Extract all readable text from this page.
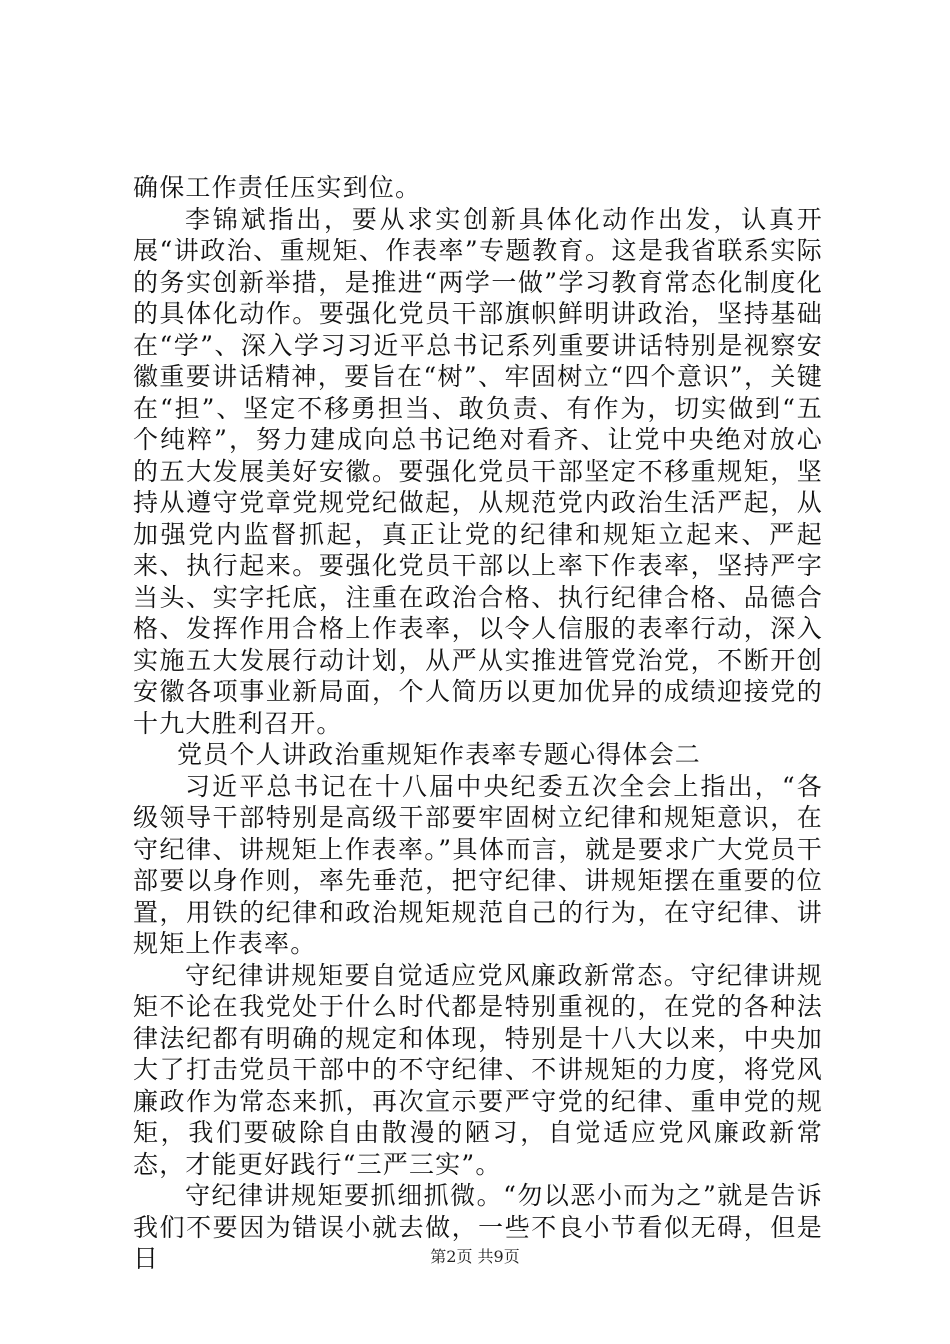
确保工作责任压实到位。

李锦斌指出，要从求实创新具体化动作出发，认真开展“讲政治、重规矩、作表率”专题教育。这是我省联系实际的务实创新举措，是推进“两学一做”学习教育常态化制度化的具体化动作。要强化党员干部旗帜鲜明讲政治，坚持基础在“学”、深入学习习近平总书记系列重要讲话特别是视察安徽重要讲话精神，要旨在“树”、牢固树立“四个意识”，关键在“担”、坚定不移勇担当、敢负责、有作为，切实做到“五个纯粹”，努力建成向总书记绝对看齐、让党中央绝对放心的五大发展美好安徽。要强化党员干部坚定不移重规矩，坚持从遵守党章党规党纪做起，从规范党内政治生活严起，从加强党内监督抓起，真正让党的纪律和规矩立起来、严起来、执行起来。要强化党员干部以上率下作表率，坚持严字当头、实字托底，注重在政治合格、执行纪律合格、品德合格、发挥作用合格上作表率，以令人信服的表率行动，深入实施五大发展行动计划，从严从实推进管党治党，不断开创安徽各项事业新局面，个人简历以更加优异的成绩迎接党的十九大胜利召开。

党员个人讲政治重规矩作表率专题心得体会二

习近平总书记在十八届中央纪委五次全会上指出，“各级领导干部特别是高级干部要牢固树立纪律和规矩意识，在守纪律、讲规矩上作表率。”具体而言，就是要求广大党员干部要以身作则，率先垂范，把守纪律、讲规矩摆在重要的位置，用铁的纪律和政治规矩规范自己的行为，在守纪律、讲规矩上作表率。

守纪律讲规矩要自觉适应党风廉政新常态。守纪律讲规矩不论在我党处于什么时代都是特别重视的，在党的各种法律法纪都有明确的规定和体现，特别是十八大以来，中央加大了打击党员干部中的不守纪律、不讲规矩的力度，将党风廉政作为常态来抓，再次宣示要严守党的纪律、重申党的规矩，我们要破除自由散漫的陋习，自觉适应党风廉政新常态，才能更好践行“三严三实”。

守纪律讲规矩要抓细抓微。“勿以恶小而为之”就是告诉我们不要因为错误小就去做，一些不良小节看似无碍，但是日	第2页 共9页
